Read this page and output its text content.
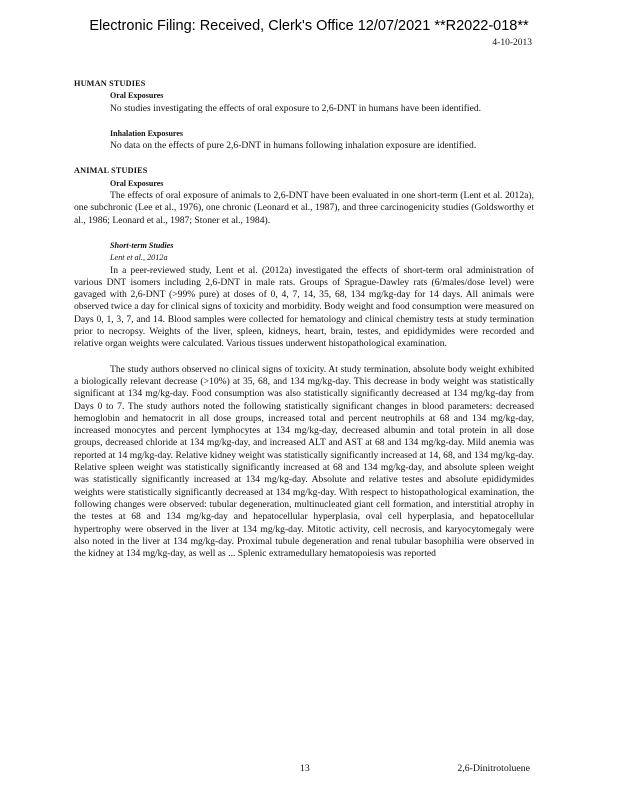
Electronic Filing: Received, Clerk's Office 12/07/2021 **R2022-018**
4-10-2013
HUMAN STUDIES
Oral Exposures
No studies investigating the effects of oral exposure to 2,6-DNT in humans have been identified.
Inhalation Exposures
No data on the effects of pure 2,6-DNT in humans following inhalation exposure are identified.
ANIMAL STUDIES
Oral Exposures
The effects of oral exposure of animals to 2,6-DNT have been evaluated in one short-term (Lent et al. 2012a), one subchronic (Lee et al., 1976), one chronic (Leonard et al., 1987), and three carcinogenicity studies (Goldsworthy et al., 1986; Leonard et al., 1987; Stoner et al., 1984).
Short-term Studies
Lent et al., 2012a
In a peer-reviewed study, Lent et al. (2012a) investigated the effects of short-term oral administration of various DNT isomers including 2,6-DNT in male rats. Groups of Sprague-Dawley rats (6/males/dose level) were gavaged with 2,6-DNT (>99% pure) at doses of 0, 4, 7, 14, 35, 68, 134 mg/kg-day for 14 days. All animals were observed twice a day for clinical signs of toxicity and morbidity. Body weight and food consumption were measured on Days 0, 1, 3, 7, and 14. Blood samples were collected for hematology and clinical chemistry tests at study termination prior to necropsy. Weights of the liver, spleen, kidneys, heart, brain, testes, and epididymides were recorded and relative organ weights were calculated. Various tissues underwent histopathological examination.
The study authors observed no clinical signs of toxicity. At study termination, absolute body weight exhibited a biologically relevant decrease (>10%) at 35, 68, and 134 mg/kg-day. This decrease in body weight was statistically significant at 134 mg/kg-day. Food consumption was also statistically significantly decreased at 134 mg/kg-day from Days 0 to 7. The study authors noted the following statistically significant changes in blood parameters: decreased hemoglobin and hematocrit in all dose groups, increased total and percent neutrophils at 68 and 134 mg/kg-day, increased monocytes and percent lymphocytes at 134 mg/kg-day, decreased albumin and total protein in all dose groups, decreased chloride at 134 mg/kg-day, and increased ALT and AST at 68 and 134 mg/kg-day. Mild anemia was reported at 14 mg/kg-day. Relative kidney weight was statistically significantly increased at 14, 68, and 134 mg/kg-day. Relative spleen weight was statistically significantly increased at 68 and 134 mg/kg-day, and absolute spleen weight was statistically significantly increased at 134 mg/kg-day. Absolute and relative testes and absolute epididymides weights were statistically significantly decreased at 134 mg/kg-day. With respect to histopathological examination, the following changes were observed: tubular degeneration, multinucleated giant cell formation, and interstitial atrophy in the testes at 68 and 134 mg/kg-day and hepatocellular hyperplasia, oval cell hyperplasia, and hepatocellular hypertrophy were observed in the liver at 134 mg/kg-day. Mitotic activity, cell necrosis, and karyocytomegaly were also noted in the liver at 134 mg/kg-day. Proximal tubule degeneration and renal tubular basophilia were observed in the kidney at 134 mg/kg-day, as well as ... Splenic extramedullary hematopoiesis was reported
13	2,6-Dinitrotoluene
